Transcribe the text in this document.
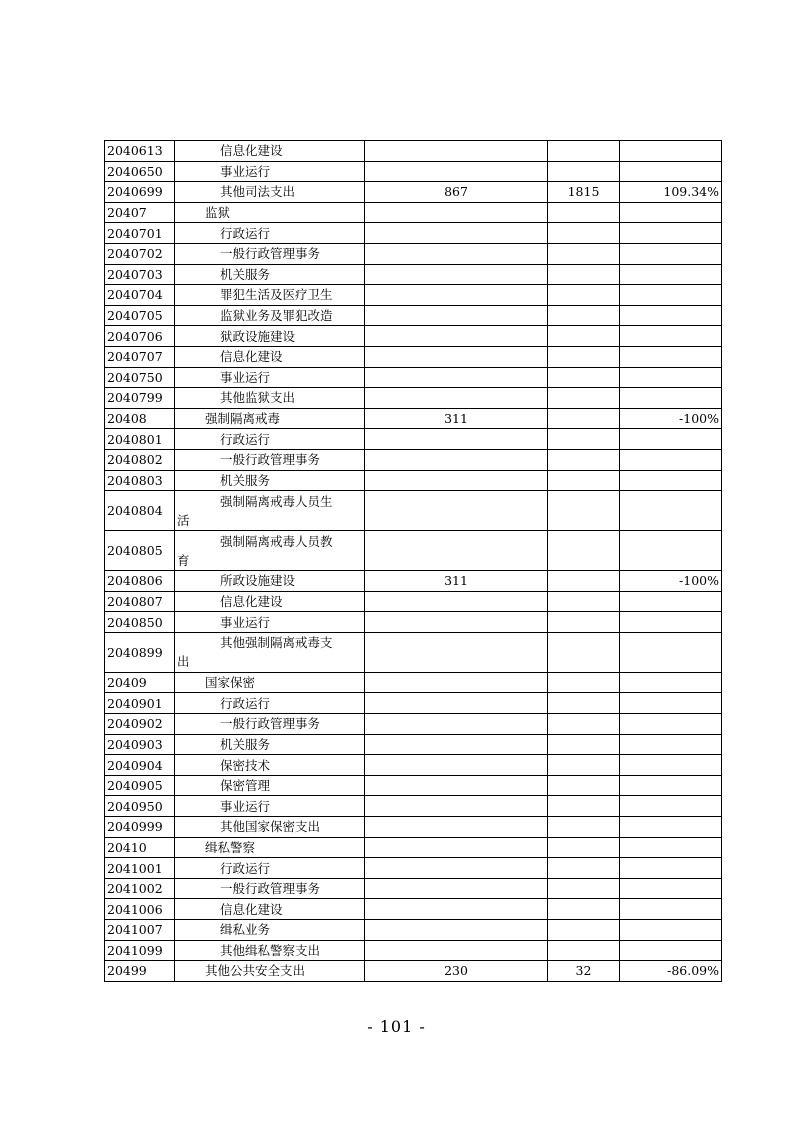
2040613	信息化建设			

2040650	事业运行			

2040699	其他司法支出	867	1815	109.34%
20407	监狱			

2040701	行政运行			

2040702	一般行政管理事务			

2040703	机关服务			

2040704	罪犯生活及医疗卫生			

2040705	监狱业务及罪犯改造			

2040706	狱政设施建设			

2040707	信息化建设			

2040750	事业运行			

2040799	其他监狱支出			

20408	强制隔离戒毒	311		-100%
2040801	行政运行			

2040802	一般行政管理事务			

2040803	机关服务			

2040804	强制隔离戒毒人员生
活			

2040805	强制隔离戒毒人员教
育			

2040806	所政设施建设	311		-100%
2040807	信息化建设			

2040850	事业运行			

2040899	其他强制隔离戒毒支
出			

20409	国家保密			

2040901	行政运行			

2040902	一般行政管理事务			

2040903	机关服务			

2040904	保密技术			

2040905	保密管理			

2040950	事业运行			

2040999	其他国家保密支出			

20410	缉私警察			

2041001	行政运行			

2041002	一般行政管理事务			

2041006	信息化建设			

2041007	缉私业务			

2041099	其他缉私警察支出			

20499	其他公共安全支出	230	32	-86.09%
- 101 -
